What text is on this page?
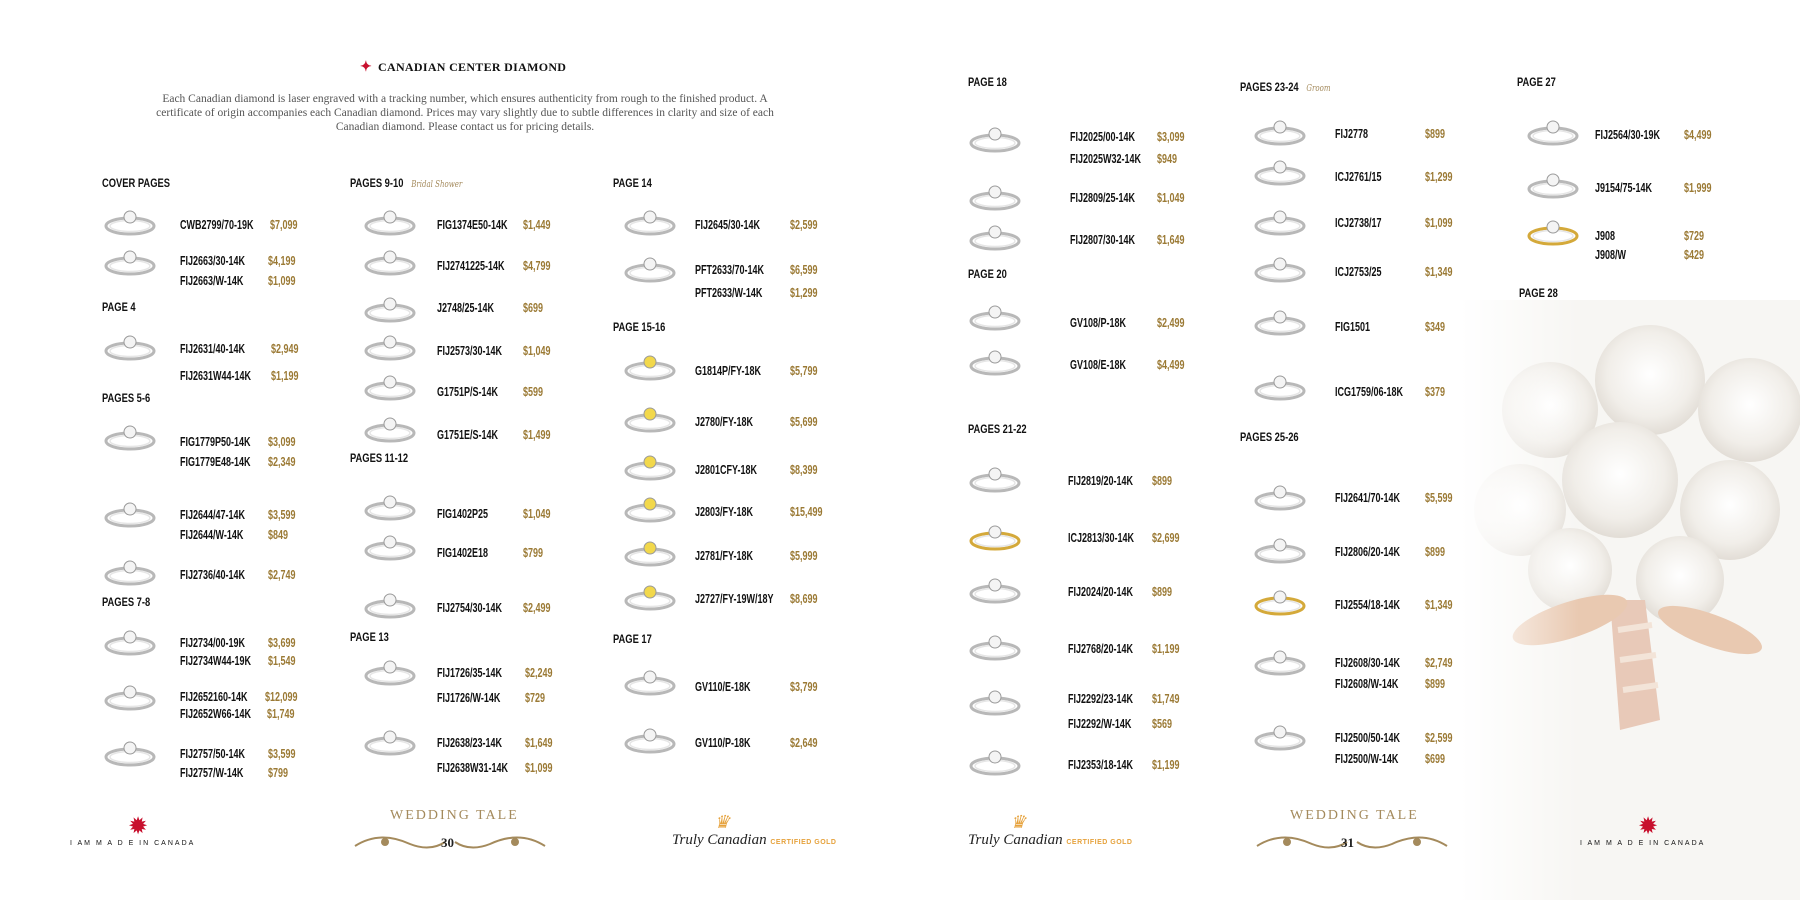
✦ CANADIAN CENTER DIAMOND
Each Canadian diamond is laser engraved with a tracking number, which ensures authenticity from rough to the finished product. A certificate of origin accompanies each Canadian diamond. Prices may vary slightly due to subtle differences in clarity and size of each Canadian diamond. Please contact us for pricing details.
COVER PAGES
PAGE 4
PAGES 5-6
PAGES 7-8
PAGES 9-10 Bridal Shower
PAGES 11-12
PAGE 13
PAGE 14
PAGE 15-16
PAGE 17
PAGE 18
PAGE 20
PAGES 21-22
PAGES 23-24 Groom
PAGES 25-26
PAGE 27
PAGE 28
CWB2799/70-19K $7,099
FIJ2663/30-14K $4,199
FIJ2663/W-14K $1,099
FIJ2631/40-14K $2,949
FIJ2631W44-14K $1,199
FIG1779P50-14K $3,099
FIG1779E48-14K $2,349
FIJ2644/47-14K $3,599
FIJ2644/W-14K $849
FIJ2736/40-14K $2,749
FIJ2734/00-19K $3,699
FIJ2734W44-19K $1,549
FIJ2652160-14K $12,099
FIJ2652W66-14K $1,749
FIJ2757/50-14K $3,599
FIJ2757/W-14K $799
FIG1374E50-14K $1,449
FIJ2741225-14K $4,799
J2748/25-14K $699
FIJ2573/30-14K $1,049
G1751P/S-14K $599
G1751E/S-14K $1,499
FIG1402P25	$1,049
FIG1402E18	$799
FIJ2754/30-14K $2,499
FIJ1726/35-14K $2,249
FIJ1726/W-14K $729
FIJ2638/23-14K $1,649
FIJ2638W31-14K $1,099
FIJ2645/30-14K $2,599
PFT2633/70-14K $6,599
PFT2633/W-14K $1,299
G1814P/FY-18K $5,799
J2780/FY-18K	$5,699
J2801CFY-18K	$8,399
J2803/FY-18K	$15,499
J2781/FY-18K	$5,999
J2727/FY-19W/18Y $8,699
GV110/E-18K	$3,799
GV110/P-18K	$2,649
FIJ2025/00-14K $3,099
FIJ2025W32-14K $949
FIJ2809/25-14K $1,049
FIJ2807/30-14K $1,649
GV108/P-18K $2,499
GV108/E-18K $4,499
FIJ2819/20-14K $899
ICJ2813/30-14K $2,699
FIJ2024/20-14K $899
FIJ2768/20-14K $1,199
FIJ2292/23-14K $1,749
FIJ2292/W-14K $569
FIJ2353/18-14K $1,199
FIJ2778	$899
ICJ2761/15	$1,299
ICJ2738/17	$1,099
ICJ2753/25	$1,349
FIG1501	$349
ICG1759/06-18K $379
FIJ2641/70-14K $5,599
FIJ2806/20-14K $899
FIJ2554/18-14K $1,349
FIJ2608/30-14K $2,749
FIJ2608/W-14K $899
FIJ2500/50-14K $2,599
FIJ2500/W-14K $699
FIJ2564/30-19K $4,499
J9154/75-14K	$1,999
J908	$729
J908/W	$429
✹
I AM M A D E IN CANADA
WEDDING TALE
30
♛
Truly Canadian CERTIFIED GOLD
♛
Truly Canadian CERTIFIED GOLD
WEDDING TALE
31
✹
I AM M A D E IN CANADA
